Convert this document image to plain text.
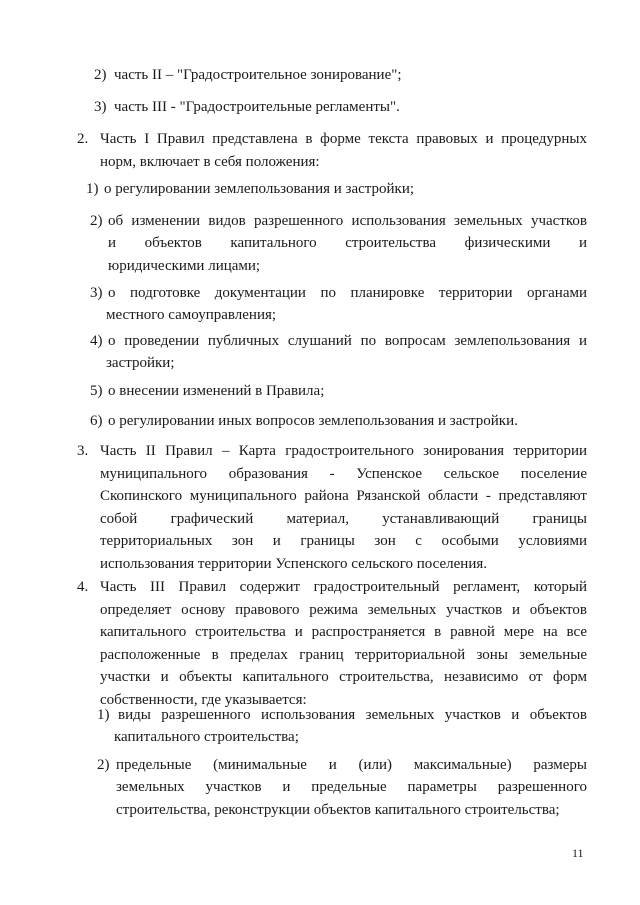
2) часть II – "Градостроительное зонирование";
3) часть III - "Градостроительные регламенты".
2. Часть I Правил представлена в форме текста правовых и процедурных
норм, включает в себя положения:
1) о регулировании землепользования и застройки;
2) об изменении видов разрешенного использования земельных участков
и объектов капитального строительства физическими и
юридическими лицами;
3) о подготовке документации по планировке территории органами
местного самоуправления;
4) о проведении публичных слушаний по вопросам землепользования и
застройки;
5) о внесении изменений в Правила;
6) о регулировании иных вопросов землепользования и застройки.
3. Часть II Правил – Карта градостроительного зонирования территории
муниципального образования - Успенское сельское поселение
Скопинского муниципального района Рязанской области - представляют
собой графический материал, устанавливающий границы
территориальных зон и границы зон с особыми условиями
использования территории Успенского сельского поселения.
4. Часть III Правил содержит градостроительный регламент, который
определяет основу правового режима земельных участков и объектов
капитального строительства и распространяется в равной мере на все
расположенные в пределах границ территориальной зоны земельные
участки и объекты капитального строительства, независимо от форм
собственности, где указывается:
1) виды разрешенного использования земельных участков и объектов
капитального строительства;
2) предельные (минимальные и (или) максимальные) размеры
земельных участков и предельные параметры разрешенного
строительства, реконструкции объектов капитального строительства;
11
